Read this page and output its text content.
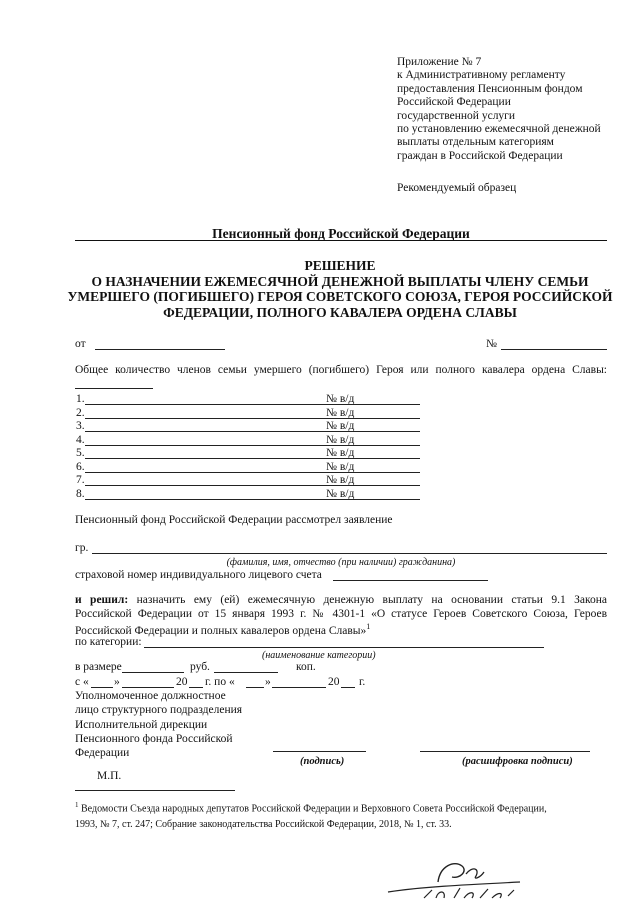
Приложение № 7
к Административному регламенту
предоставления Пенсионным фондом
Российской Федерации
государственной услуги
по установлению ежемесячной денежной
выплаты отдельным категориям
граждан в Российской Федерации
Рекомендуемый образец
Пенсионный фонд Российской Федерации
РЕШЕНИЕ
О НАЗНАЧЕНИИ ЕЖЕМЕСЯЧНОЙ ДЕНЕЖНОЙ ВЫПЛАТЫ ЧЛЕНУ СЕМЬИ
УМЕРШЕГО (ПОГИБШЕГО) ГЕРОЯ СОВЕТСКОГО СОЮЗА, ГЕРОЯ РОССИЙСКОЙ
ФЕДЕРАЦИИ, ПОЛНОГО КАВАЛЕРА ОРДЕНА СЛАВЫ
от	№
Общее количество членов семьи умершего (погибшего) Героя или полного кавалера ордена Славы:
1.	№ в/д
2.	№ в/д
3.	№ в/д
4.	№ в/д
5.	№ в/д
6.	№ в/д
7.	№ в/д
8.	№ в/д
Пенсионный фонд Российской Федерации рассмотрел заявление
гр.
(фамилия, имя, отчество (при наличии) гражданина)
страховой номер индивидуального лицевого счета
и решил: назначить ему (ей) ежемесячную денежную выплату на основании статьи 9.1 Закона
Российской Федерации от 15 января 1993 г. № 4301-1 «О статусе Героев Советского Союза, Героев
Российской Федерации и полных кавалеров ордена Славы»$^1$
по категории:
(наименование категории)
в размере	руб.	коп.
с « »	20 г. по «	»	20 г.
Уполномоченное должностное
лицо структурного подразделения
Исполнительной дирекции
Пенсионного фонда Российской
Федерации
(подпись)	(расшифровка подписи)
М.П.
$^1$ Ведомости Съезда народных депутатов Российской Федерации и Верховного Совета Российской Федерации,
1993, № 7, ст. 247; Собрание законодательства Российской Федерации, 2018, № 1, ст. 33.
